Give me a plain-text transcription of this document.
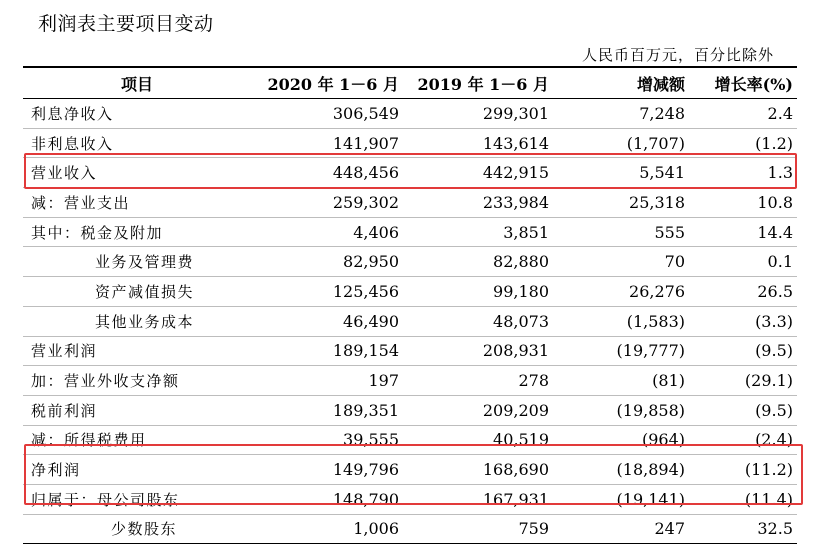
利润表主要项目变动
人民币百万元，百分比除外
项目	2020 年 1－6 月	2019 年 1－6 月	增减额	增长率(%)
利息净收入	306,549	299,301	7,248	2.4
非利息收入	141,907	143,614	(1,707)	(1.2)
营业收入	448,456	442,915	5,541	1.3
减：营业支出	259,302	233,984	25,318	10.8
其中：税金及附加	4,406	3,851	555	14.4
业务及管理费	82,950	82,880	70	0.1
资产减值损失	125,456	99,180	26,276	26.5
其他业务成本	46,490	48,073	(1,583)	(3.3)
营业利润	189,154	208,931	(19,777)	(9.5)
加：营业外收支净额	197	278	(81)	(29.1)
税前利润	189,351	209,209	(19,858)	(9.5)
减：所得税费用	39,555	40,519	(964)	(2.4)
净利润	149,796	168,690	(18,894)	(11.2)
归属于：母公司股东	148,790	167,931	(19,141)	(11.4)
少数股东	1,006	759	247	32.5
